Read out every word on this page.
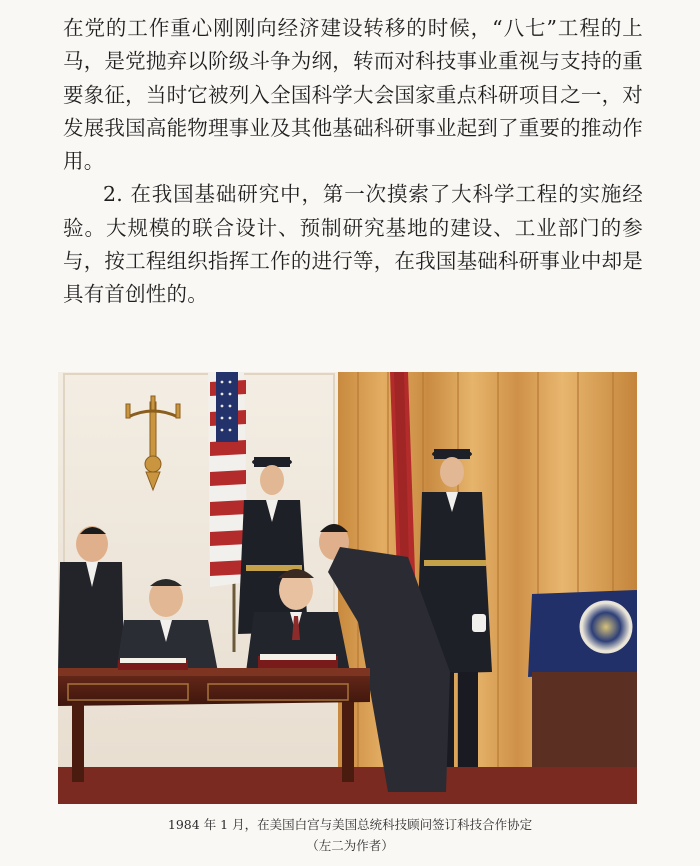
在党的工作重心刚刚向经济建设转移的时候，“八七”工程的上马，是党抛弃以阶级斗争为纲，转而对科技事业重视与支持的重要象征，当时它被列入全国科学大会国家重点科研项目之一，对发展我国高能物理事业及其他基础科研事业起到了重要的推动作用。

2. 在我国基础研究中，第一次摸索了大科学工程的实施经验。大规模的联合设计、预制研究基地的建设、工业部门的参与，按工程组织指挥工作的进行等，在我国基础科研事业中却是具有首创性的。

1984 年 1 月，在美国白宫与美国总统科技顾问签订科技合作协定
（左二为作者）
